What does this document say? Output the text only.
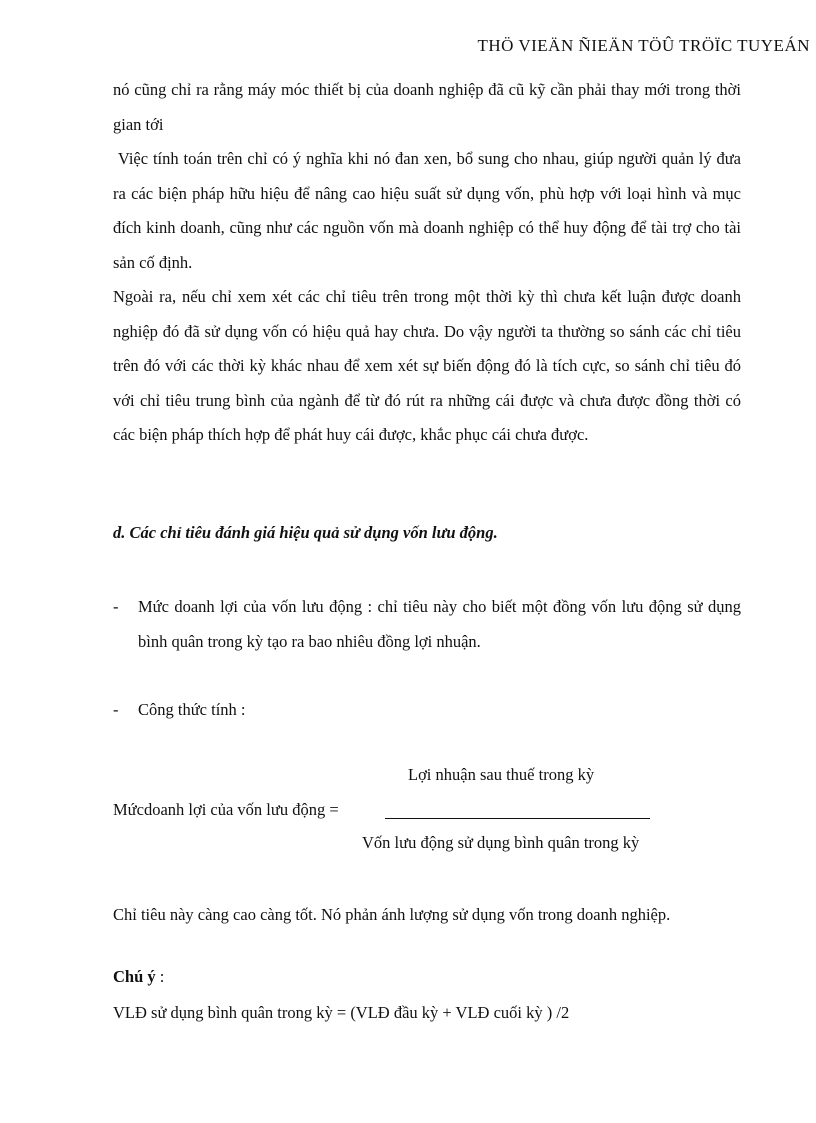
THÖ VIEÄN ÑIEÄN TÖÛ TRÖÏC TUYEÁN

nó cũng chỉ ra rằng máy móc thiết bị của doanh nghiệp đã cũ kỹ cần phải thay mới trong thời gian tới

Việc tính toán trên chỉ có ý nghĩa khi nó đan xen, bổ sung cho nhau, giúp người quản lý đưa ra các biện pháp hữu hiệu để nâng cao hiệu suất sử dụng vốn, phù hợp với loại hình và mục đích kinh doanh, cũng như các nguồn vốn mà doanh nghiệp có thể huy động để tài trợ cho tài sản cố định.

Ngoài ra, nếu chỉ xem xét các chỉ tiêu trên trong một thời kỳ thì chưa kết luận được doanh nghiệp đó đã sử dụng vốn có hiệu quả hay chưa. Do vậy người ta thường so sánh các chỉ tiêu trên đó với các thời kỳ khác nhau để xem xét sự biến động đó là tích cực, so sánh chỉ tiêu đó với chỉ tiêu trung bình của ngành để từ đó rút ra những cái được và chưa được đồng thời có các biện pháp thích hợp để phát huy cái được, khắc phục cái chưa được.

d. Các chỉ tiêu đánh giá hiệu quả sử dụng vốn lưu động.
- Mức doanh lợi của vốn lưu động : chỉ tiêu này cho biết một đồng vốn lưu động sử dụng bình quân trong kỳ tạo ra bao nhiêu đồng lợi nhuận.

- Công thức tính :

Lợi nhuận sau thuế trong kỳ
Mứcdoanh lợi của vốn lưu động =
Vốn lưu động sử dụng bình quân trong kỳ

Chỉ tiêu này càng cao càng tốt. Nó phản ánh lượng sử dụng vốn trong doanh nghiệp.

Chú ý :
VLĐ sử dụng bình quân trong kỳ = (VLĐ đầu kỳ + VLĐ cuối kỳ ) /2
